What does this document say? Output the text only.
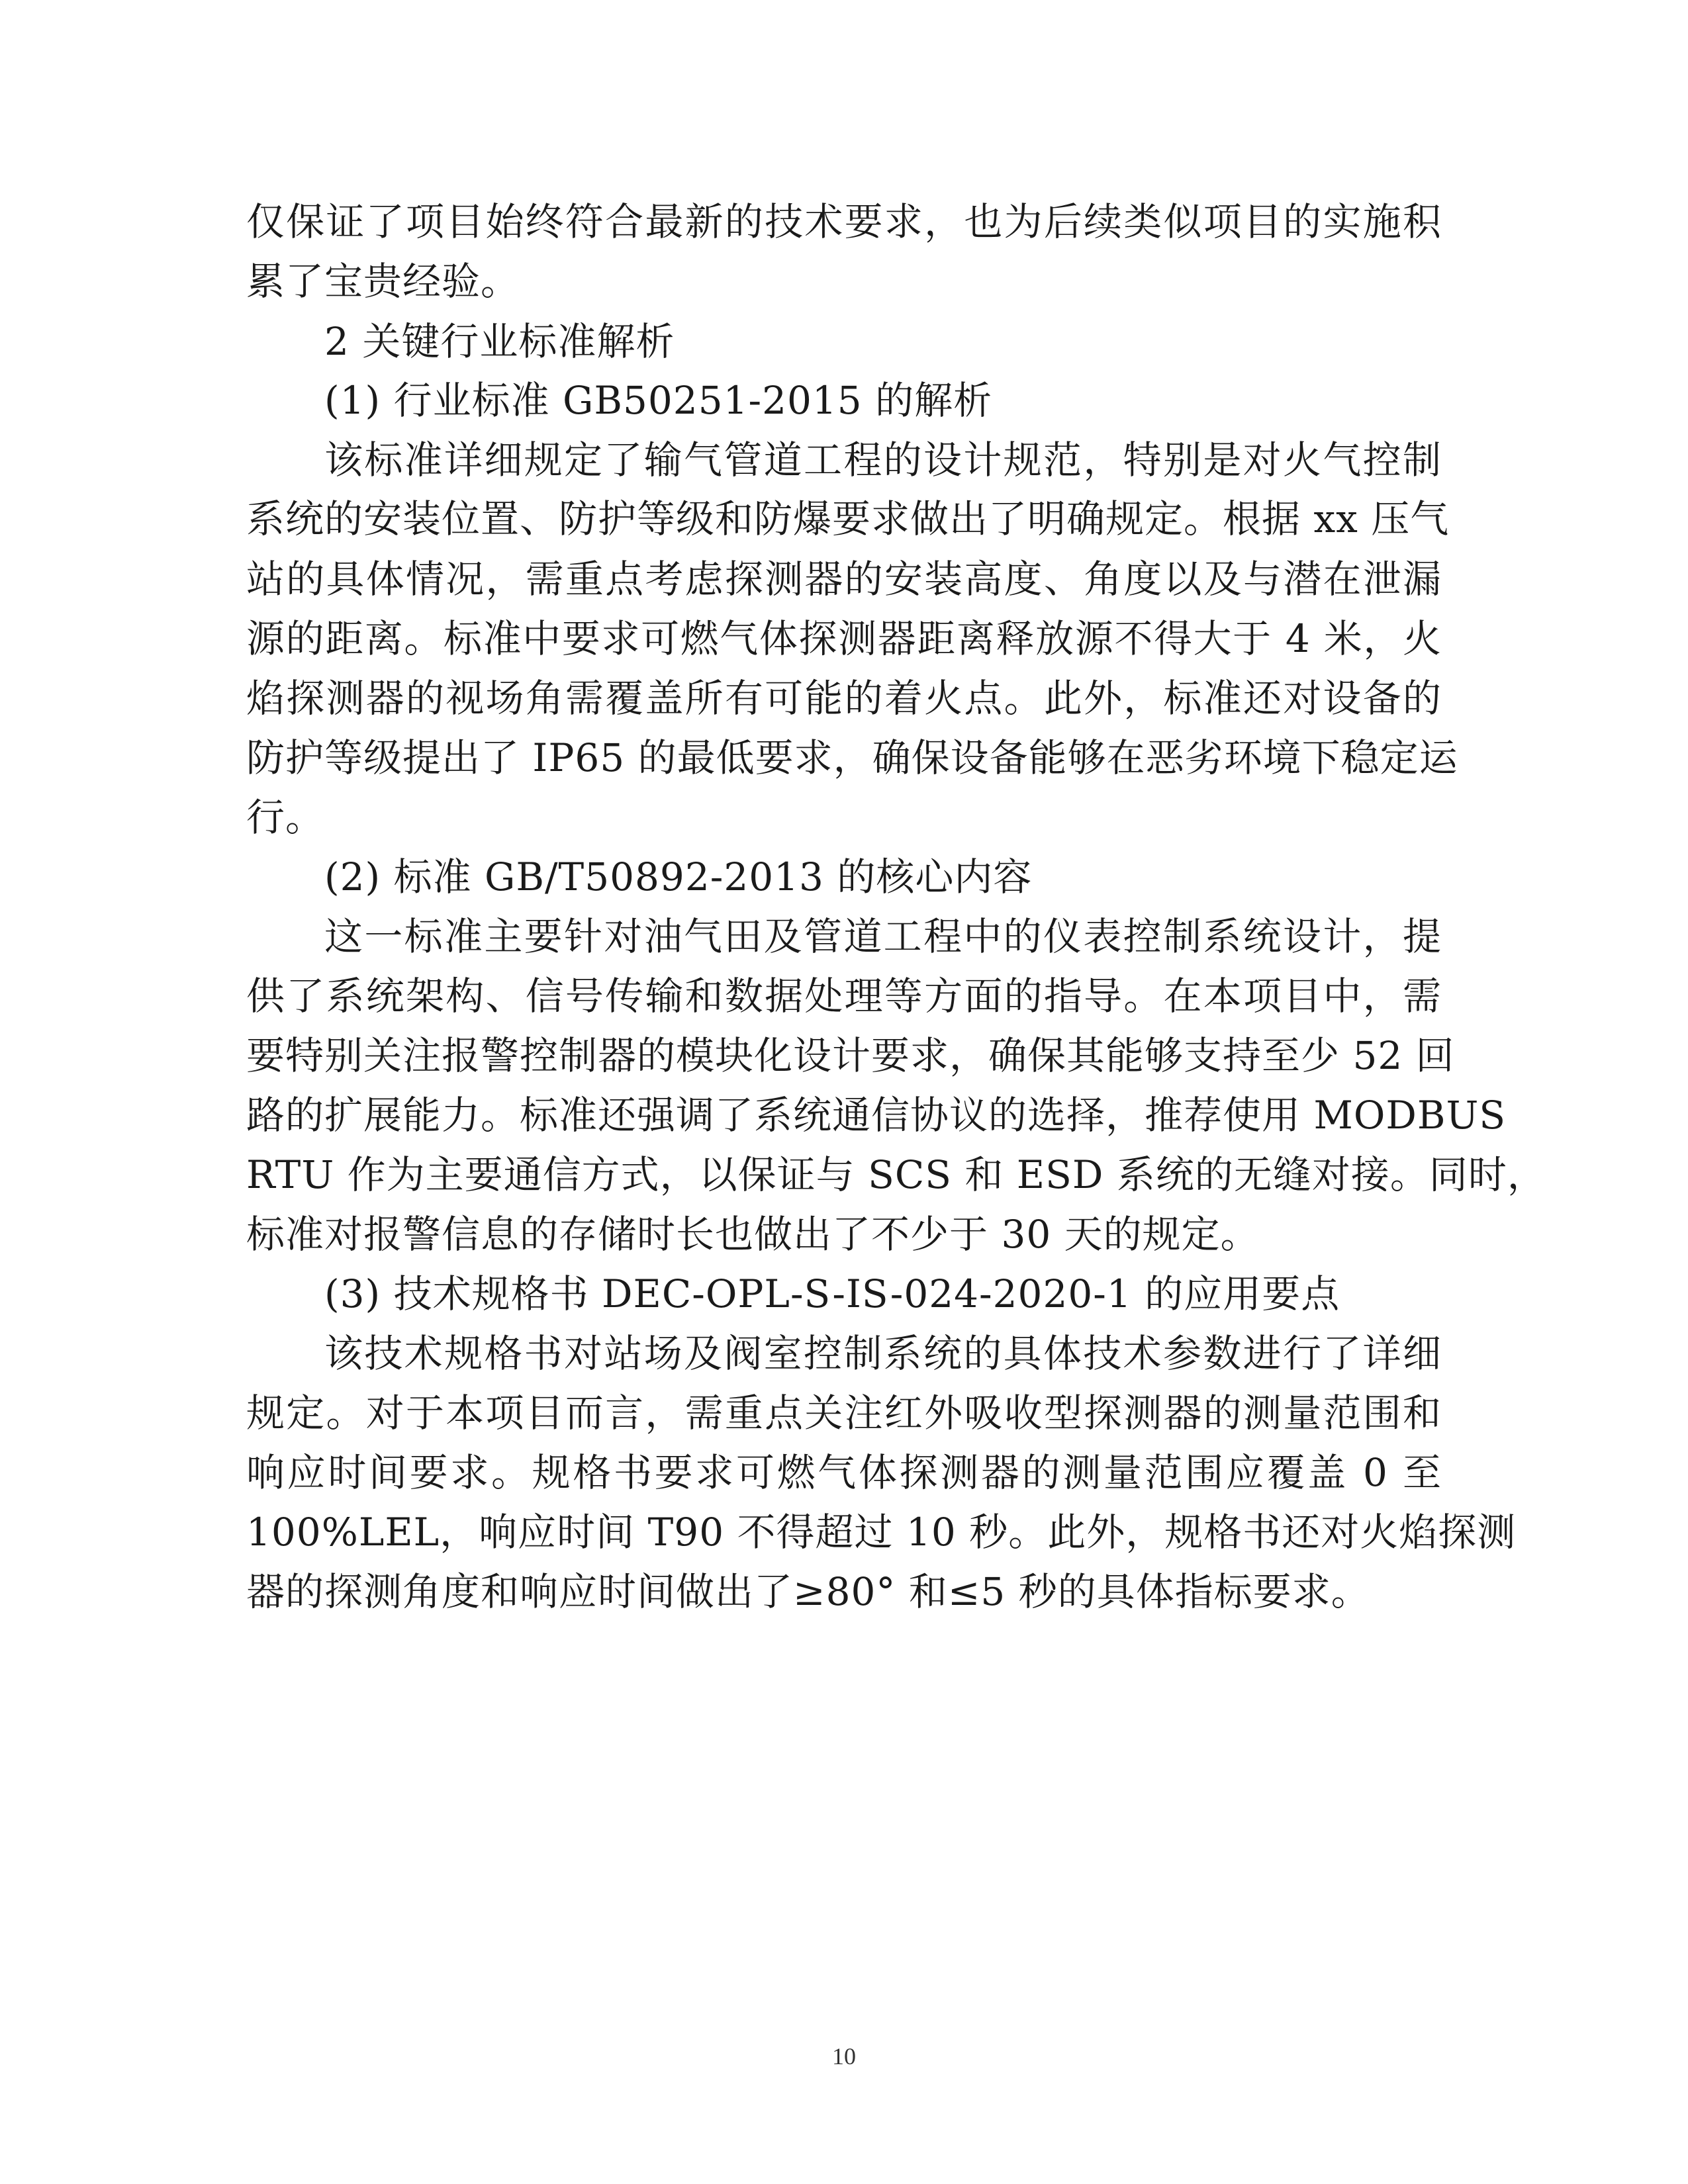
仅保证了项目始终符合最新的技术要求，也为后续类似项目的实施积
累了宝贵经验。
2 关键行业标准解析
(1) 行业标准 GB50251-2015 的解析
该标准详细规定了输气管道工程的设计规范，特别是对火气控制
系统的安装位置、防护等级和防爆要求做出了明确规定。根据 xx 压气
站的具体情况，需重点考虑探测器的安装高度、角度以及与潜在泄漏
源的距离。标准中要求可燃气体探测器距离释放源不得大于 4 米，火
焰探测器的视场角需覆盖所有可能的着火点。此外，标准还对设备的
防护等级提出了 IP65 的最低要求，确保设备能够在恶劣环境下稳定运
行。
(2) 标准 GB/T50892-2013 的核心内容
这一标准主要针对油气田及管道工程中的仪表控制系统设计，提
供了系统架构、信号传输和数据处理等方面的指导。在本项目中，需
要特别关注报警控制器的模块化设计要求，确保其能够支持至少 52 回
路的扩展能力。标准还强调了系统通信协议的选择，推荐使用 MODBUS
RTU 作为主要通信方式，以保证与 SCS 和 ESD 系统的无缝对接。同时，
标准对报警信息的存储时长也做出了不少于 30 天的规定。
(3) 技术规格书 DEC-OPL-S-IS-024-2020-1 的应用要点
该技术规格书对站场及阀室控制系统的具体技术参数进行了详细
规定。对于本项目而言，需重点关注红外吸收型探测器的测量范围和
响应时间要求。规格书要求可燃气体探测器的测量范围应覆盖 0 至
100%LEL，响应时间 T90 不得超过 10 秒。此外，规格书还对火焰探测
器的探测角度和响应时间做出了≥80° 和≤5 秒的具体指标要求。
10
